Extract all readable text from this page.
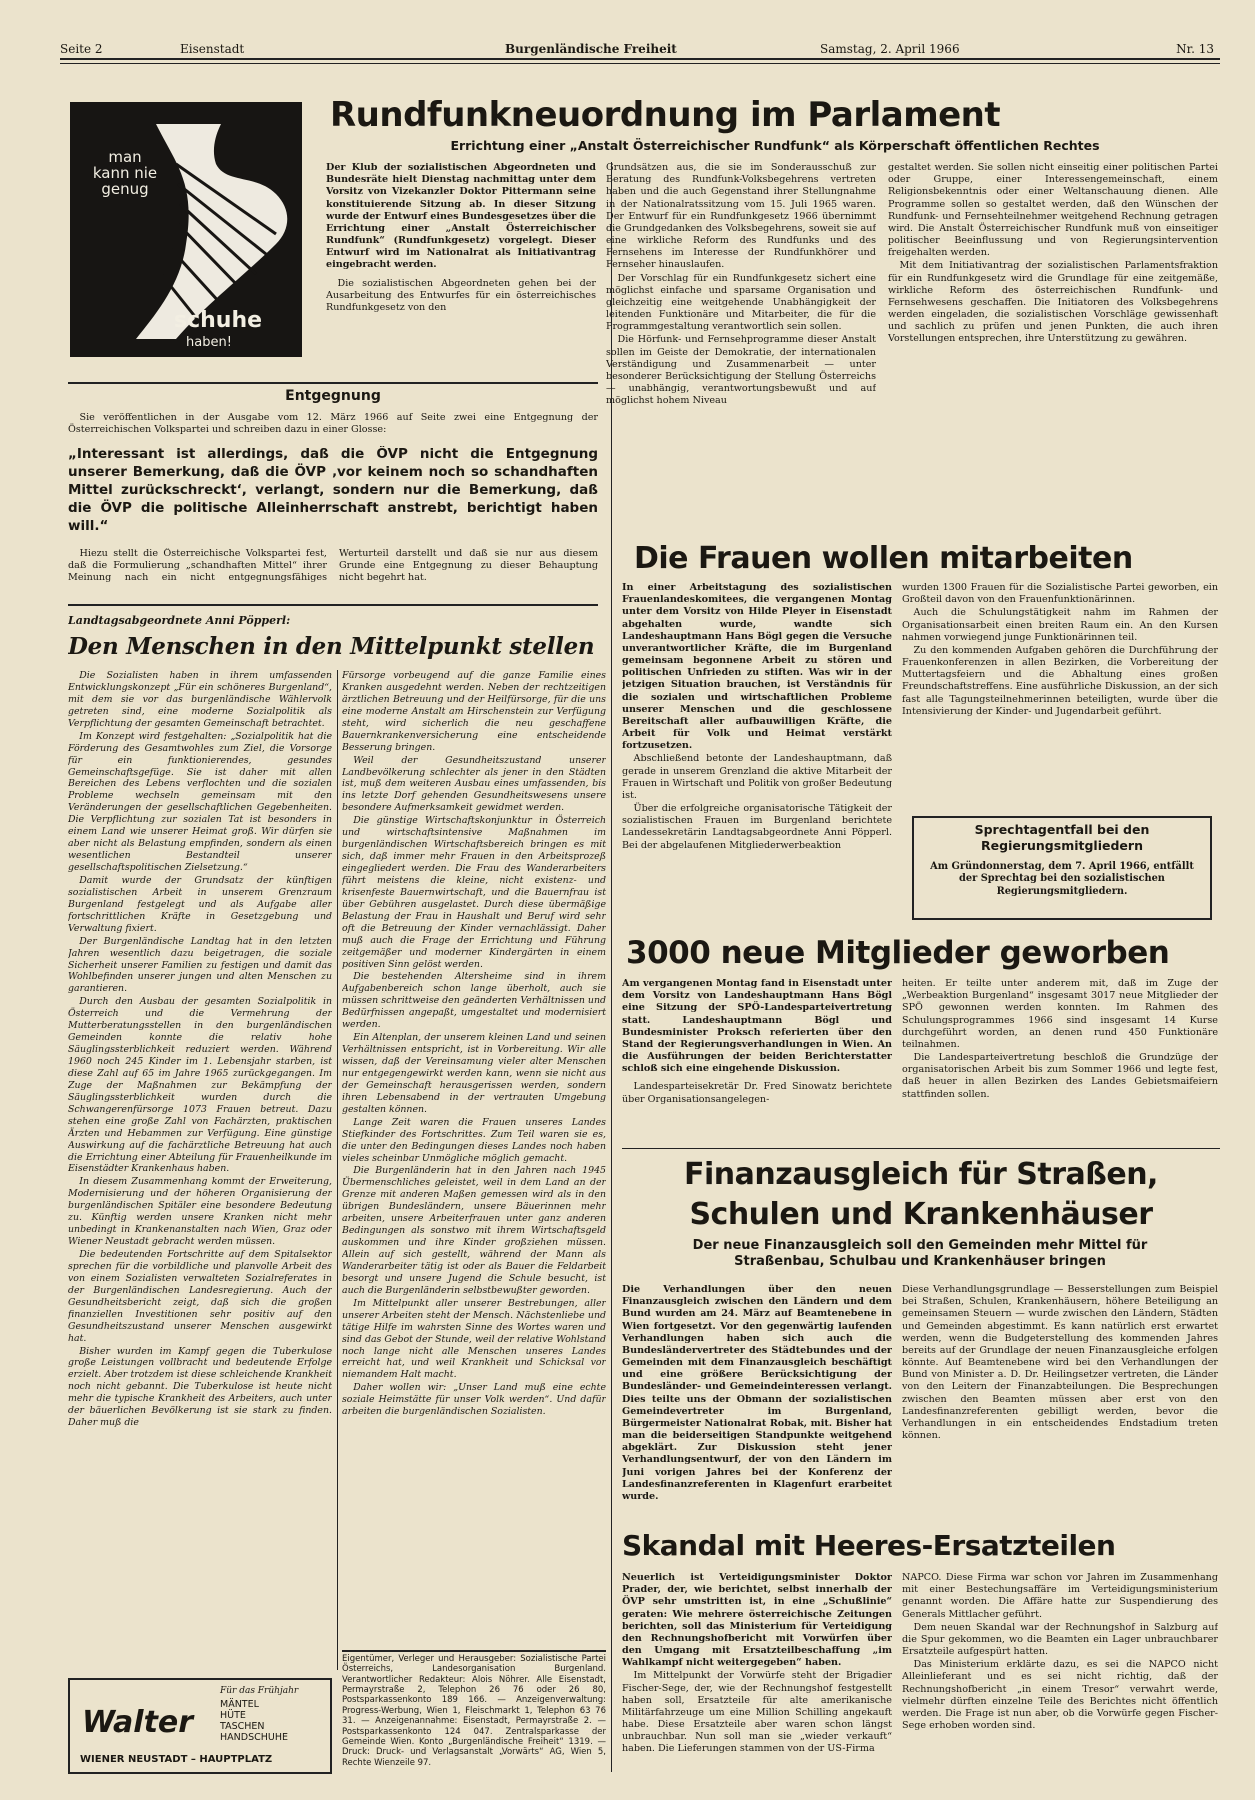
Seite 2	Eisenstadt	Burgenländische Freiheit	Samstag, 2. April 1966	Nr. 13
man kann nie genug
schuhe
haben!
Rundfunkneuordnung im Parlament
Errichtung einer „Anstalt Österreichischer Rundfunk“ als Körperschaft öffentlichen Rechtes

Der Klub der sozialistischen Abgeordneten und Bundesräte hielt Dienstag nachmittag unter dem Vorsitz von Vizekanzler Doktor Pittermann seine konstituierende Sitzung ab. In dieser Sitzung wurde der Entwurf eines Bundesgesetzes über die Errichtung einer „Anstalt Österreichischer Rundfunk“ (Rundfunkgesetz) vorgelegt. Dieser Entwurf wird im Nationalrat als Initiativantrag eingebracht werden.

Die sozialistischen Abgeordneten gehen bei der Ausarbeitung des Entwurfes für ein österreichisches Rundfunkgesetz von den

Grundsätzen aus, die sie im Sonderausschuß zur Beratung des Rundfunk-Volksbegehrens vertreten haben und die auch Gegenstand ihrer Stellungnahme in der Nationalratssitzung vom 15. Juli 1965 waren. Der Entwurf für ein Rundfunkgesetz 1966 übernimmt die Grundgedanken des Volksbegehrens, soweit sie auf eine wirkliche Reform des Rundfunks und des Fernsehens im Interesse der Rundfunkhörer und Fernseher hinauslaufen.

Der Vorschlag für ein Rundfunkgesetz sichert eine möglichst einfache und sparsame Organisation und gleichzeitig eine weitgehende Unabhängigkeit der leitenden Funktionäre und Mitarbeiter, die für die Programmgestaltung verantwortlich sein sollen.

Die Hörfunk- und Fernsehprogramme dieser Anstalt sollen im Geiste der Demokratie, der internationalen Verständigung und Zusammenarbeit — unter besonderer Berücksichtigung der Stellung Österreichs — unabhängig, verantwortungsbewußt und auf möglichst hohem Niveau

gestaltet werden. Sie sollen nicht einseitig einer politischen Partei oder Gruppe, einer Interessengemeinschaft, einem Religionsbekenntnis oder einer Weltanschauung dienen. Alle Programme sollen so gestaltet werden, daß den Wünschen der Rundfunk- und Fernsehteilnehmer weitgehend Rechnung getragen wird. Die Anstalt Österreichischer Rundfunk muß von einseitiger politischer Beeinflussung und von Regierungsintervention freigehalten werden.

Mit dem Initiativantrag der sozialistischen Parlamentsfraktion für ein Rundfunkgesetz wird die Grundlage für eine zeitgemäße, wirkliche Reform des österreichischen Rundfunk- und Fernsehwesens geschaffen. Die Initiatoren des Volksbegehrens werden eingeladen, die sozialistischen Vorschläge gewissenhaft und sachlich zu prüfen und jenen Punkten, die auch ihren Vorstellungen entsprechen, ihre Unterstützung zu gewähren.

Entgegnung

Sie veröffentlichen in der Ausgabe vom 12. März 1966 auf Seite zwei eine Entgegnung der Österreichischen Volkspartei und schreiben dazu in einer Glosse:

„Interessant ist allerdings, daß die ÖVP nicht die Entgegnung unserer Bemerkung, daß die ÖVP ‚vor keinem noch so schandhaften Mittel zurückschreckt‘, verlangt, sondern nur die Bemerkung, daß die ÖVP die politische Alleinherrschaft anstrebt, berichtigt haben will.“

Hiezu stellt die Österreichische Volkspartei fest, daß die Formulierung „schandhaften Mittel“ ihrer Meinung nach ein nicht entgegnungsfähiges Werturteil darstellt und daß sie nur aus diesem Grunde eine Entgegnung zu dieser Behauptung nicht begehrt hat.

Landtagsabgeordnete Anni Pöpperl:
Den Menschen in den Mittelpunkt stellen

Die Sozialisten haben in ihrem umfassenden Entwicklungskonzept „Für ein schöneres Burgenland“, mit dem sie vor das burgenländische Wählervolk getreten sind, eine moderne Sozialpolitik als Verpflichtung der gesamten Gemeinschaft betrachtet.

Im Konzept wird festgehalten: „Sozialpolitik hat die Förderung des Gesamtwohles zum Ziel, die Vorsorge für ein funktionierendes, gesundes Gemeinschaftsgefüge. Sie ist daher mit allen Bereichen des Lebens verflochten und die sozialen Probleme wechseln gemeinsam mit den Veränderungen der gesellschaftlichen Gegebenheiten. Die Verpflichtung zur sozialen Tat ist besonders in einem Land wie unserer Heimat groß. Wir dürfen sie aber nicht als Belastung empfinden, sondern als einen wesentlichen Bestandteil unserer gesellschaftspolitischen Zielsetzung.“

Damit wurde der Grundsatz der künftigen sozialistischen Arbeit in unserem Grenzraum Burgenland festgelegt und als Aufgabe aller fortschrittlichen Kräfte in Gesetzgebung und Verwaltung fixiert.

Der Burgenländische Landtag hat in den letzten Jahren wesentlich dazu beigetragen, die soziale Sicherheit unserer Familien zu festigen und damit das Wohlbefinden unserer jungen und alten Menschen zu garantieren.

Durch den Ausbau der gesamten Sozialpolitik in Österreich und die Vermehrung der Mutterberatungsstellen in den burgenländischen Gemeinden konnte die relativ hohe Säuglingssterblichkeit reduziert werden. Während 1960 noch 245 Kinder im 1. Lebensjahr starben, ist diese Zahl auf 65 im Jahre 1965 zurückgegangen. Im Zuge der Maßnahmen zur Bekämpfung der Säuglingssterblichkeit wurden durch die Schwangerenfürsorge 1073 Frauen betreut. Dazu stehen eine große Zahl von Fachärzten, praktischen Ärzten und Hebammen zur Verfügung. Eine günstige Auswirkung auf die fachärztliche Betreuung hat auch die Errichtung einer Abteilung für Frauenheilkunde im Eisenstädter Krankenhaus haben.

In diesem Zusammenhang kommt der Erweiterung, Modernisierung und der höheren Organisierung der burgenländischen Spitäler eine besondere Bedeutung zu. Künftig werden unsere Kranken nicht mehr unbedingt in Krankenanstalten nach Wien, Graz oder Wiener Neustadt gebracht werden müssen.

Die bedeutenden Fortschritte auf dem Spitalsektor sprechen für die vorbildliche und planvolle Arbeit des von einem Sozialisten verwalteten Sozialreferates in der Burgenländischen Landesregierung. Auch der Gesundheitsbericht zeigt, daß sich die großen finanziellen Investitionen sehr positiv auf den Gesundheitszustand unserer Menschen ausgewirkt hat.

Bisher wurden im Kampf gegen die Tuberkulose große Leistungen vollbracht und bedeutende Erfolge erzielt. Aber trotzdem ist diese schleichende Krankheit noch nicht gebannt. Die Tuberkulose ist heute nicht mehr die typische Krankheit des Arbeiters, auch unter der bäuerlichen Bevölkerung ist sie stark zu finden. Daher muß die

Fürsorge vorbeugend auf die ganze Familie eines Kranken ausgedehnt werden. Neben der rechtzeitigen ärztlichen Betreuung und der Heilfürsorge, für die uns eine moderne Anstalt am Hirschenstein zur Verfügung steht, wird sicherlich die neu geschaffene Bauernkrankenversicherung eine entscheidende Besserung bringen.

Weil der Gesundheitszustand unserer Landbevölkerung schlechter als jener in den Städten ist, muß dem weiteren Ausbau eines umfassenden, bis ins letzte Dorf gehenden Gesundheitswesens unsere besondere Aufmerksamkeit gewidmet werden.

Die günstige Wirtschaftskonjunktur in Österreich und wirtschaftsintensive Maßnahmen im burgenländischen Wirtschaftsbereich bringen es mit sich, daß immer mehr Frauen in den Arbeitsprozeß eingegliedert werden. Die Frau des Wanderarbeiters führt meistens die kleine, nicht existenz- und krisenfeste Bauernwirtschaft, und die Bauernfrau ist über Gebühren ausgelastet. Durch diese übermäßige Belastung der Frau in Haushalt und Beruf wird sehr oft die Betreuung der Kinder vernachlässigt. Daher muß auch die Frage der Errichtung und Führung zeitgemäßer und moderner Kindergärten in einem positiven Sinn gelöst werden.

Die bestehenden Altersheime sind in ihrem Aufgabenbereich schon lange überholt, auch sie müssen schrittweise den geänderten Verhältnissen und Bedürfnissen angepaßt, umgestaltet und modernisiert werden.

Ein Altenplan, der unserem kleinen Land und seinen Verhältnissen entspricht, ist in Vorbereitung. Wir alle wissen, daß der Vereinsamung vieler alter Menschen nur entgegengewirkt werden kann, wenn sie nicht aus der Gemeinschaft herausgerissen werden, sondern ihren Lebensabend in der vertrauten Umgebung gestalten können.

Lange Zeit waren die Frauen unseres Landes Stiefkinder des Fortschrittes. Zum Teil waren sie es, die unter den Bedingungen dieses Landes noch haben vieles scheinbar Unmögliche möglich gemacht.

Die Burgenländerin hat in den Jahren nach 1945 Übermenschliches geleistet, weil in dem Land an der Grenze mit anderen Maßen gemessen wird als in den übrigen Bundesländern, unsere Bäuerinnen mehr arbeiten, unsere Arbeiterfrauen unter ganz anderen Bedingungen als sonstwo mit ihrem Wirtschaftsgeld auskommen und ihre Kinder großziehen müssen. Allein auf sich gestellt, während der Mann als Wanderarbeiter tätig ist oder als Bauer die Feldarbeit besorgt und unsere Jugend die Schule besucht, ist auch die Burgenländerin selbstbewußter geworden.

Im Mittelpunkt aller unserer Bestrebungen, aller unserer Arbeiten steht der Mensch. Nächstenliebe und tätige Hilfe im wahrsten Sinne des Wortes waren und sind das Gebot der Stunde, weil der relative Wohlstand noch lange nicht alle Menschen unseres Landes erreicht hat, und weil Krankheit und Schicksal vor niemandem Halt macht.

Daher wollen wir: „Unser Land muß eine echte soziale Heimstätte für unser Volk werden“. Und dafür arbeiten die burgenländischen Sozialisten.

Die Frauen wollen mitarbeiten

In einer Arbeitstagung des sozialistischen Frauenlandeskomitees, die vergangenen Montag unter dem Vorsitz von Hilde Pleyer in Eisenstadt abgehalten wurde, wandte sich Landeshauptmann Hans Bögl gegen die Versuche unverantwortlicher Kräfte, die im Burgenland gemeinsam begonnene Arbeit zu stören und politischen Unfrieden zu stiften. Was wir in der jetzigen Situation brauchen, ist Verständnis für die sozialen und wirtschaftlichen Probleme unserer Menschen und die geschlossene Bereitschaft aller aufbauwilligen Kräfte, die Arbeit für Volk und Heimat verstärkt fortzusetzen.

Abschließend betonte der Landeshauptmann, daß gerade in unserem Grenzland die aktive Mitarbeit der Frauen in Wirtschaft und Politik von großer Bedeutung ist.

Über die erfolgreiche organisatorische Tätigkeit der sozialistischen Frauen im Burgenland berichtete Landessekretärin Landtagsabgeordnete Anni Pöpperl. Bei der abgelaufenen Mitgliederwerbeaktion

wurden 1300 Frauen für die Sozialistische Partei geworben, ein Großteil davon von den Frauenfunktionärinnen.

Auch die Schulungstätigkeit nahm im Rahmen der Organisationsarbeit einen breiten Raum ein. An den Kursen nahmen vorwiegend junge Funktionärinnen teil.

Zu den kommenden Aufgaben gehören die Durchführung der Frauenkonferenzen in allen Bezirken, die Vorbereitung der Muttertagsfeiern und die Abhaltung eines großen Freundschaftstreffens. Eine ausführliche Diskussion, an der sich fast alle Tagungsteilnehmerinnen beteiligten, wurde über die Intensivierung der Kinder- und Jugendarbeit geführt.

Sprechtagentfall bei den Regierungsmitgliedern
Am Gründonnerstag, dem 7. April 1966, entfällt der Sprechtag bei den sozialistischen Regierungsmitgliedern.
3000 neue Mitglieder geworben

Am vergangenen Montag fand in Eisenstadt unter dem Vorsitz von Landeshauptmann Hans Bögl eine Sitzung der SPÖ-Landesparteivertretung statt. Landeshauptmann Bögl und Bundesminister Proksch referierten über den Stand der Regierungsverhandlungen in Wien. An die Ausführungen der beiden Berichterstatter schloß sich eine eingehende Diskussion.

Landesparteisekretär Dr. Fred Sinowatz berichtete über Organisationsangelegen-

heiten. Er teilte unter anderem mit, daß im Zuge der „Werbeaktion Burgenland“ insgesamt 3017 neue Mitglieder der SPÖ gewonnen werden konnten. Im Rahmen des Schulungsprogrammes 1966 sind insgesamt 14 Kurse durchgeführt worden, an denen rund 450 Funktionäre teilnahmen.

Die Landesparteivertretung beschloß die Grundzüge der organisatorischen Arbeit bis zum Sommer 1966 und legte fest, daß heuer in allen Bezirken des Landes Gebietsmaifeiern stattfinden sollen.

Finanzausgleich für Straßen,
Schulen und Krankenhäuser
Der neue Finanzausgleich soll den Gemeinden mehr Mittel für Straßenbau, Schulbau und Krankenhäuser bringen

Die Verhandlungen über den neuen Finanzausgleich zwischen den Ländern und dem Bund wurden am 24. März auf Beamtenebene in Wien fortgesetzt. Vor den gegenwärtig laufenden Verhandlungen haben sich auch die Bundesländervertreter des Städtebundes und der Gemeinden mit dem Finanzausgleich beschäftigt und eine größere Berücksichtigung der Bundesländer- und Gemeindeinteressen verlangt. Dies teilte uns der Obmann der sozialistischen Gemeindevertreter im Burgenland, Bürgermeister Nationalrat Robak, mit. Bisher hat man die beiderseitigen Standpunkte weitgehend abgeklärt. Zur Diskussion steht jener Verhandlungsentwurf, der von den Ländern im Juni vorigen Jahres bei der Konferenz der Landesfinanzreferenten in Klagenfurt erarbeitet wurde.

Diese Verhandlungsgrundlage — Besserstellungen zum Beispiel bei Straßen, Schulen, Krankenhäusern, höhere Beteiligung an gemeinsamen Steuern — wurde zwischen den Ländern, Städten und Gemeinden abgestimmt. Es kann natürlich erst erwartet werden, wenn die Budgeterstellung des kommenden Jahres bereits auf der Grundlage der neuen Finanzausgleiche erfolgen könnte. Auf Beamtenebene wird bei den Verhandlungen der Bund von Minister a. D. Dr. Heilingsetzer vertreten, die Länder von den Leitern der Finanzabteilungen. Die Besprechungen zwischen den Beamten müssen aber erst von den Landesfinanzreferenten gebilligt werden, bevor die Verhandlungen in ein entscheidendes Endstadium treten können.

Skandal mit Heeres-Ersatzteilen

Neuerlich ist Verteidigungsminister Doktor Prader, der, wie berichtet, selbst innerhalb der ÖVP sehr umstritten ist, in eine „Schußlinie“ geraten: Wie mehrere österreichische Zeitungen berichten, soll das Ministerium für Verteidigung den Rechnungshofbericht mit Vorwürfen über den Umgang mit Ersatzteilbeschaffung „im Wahlkampf nicht weitergegeben“ haben.

Im Mittelpunkt der Vorwürfe steht der Brigadier Fischer-Sege, der, wie der Rechnungshof festgestellt haben soll, Ersatzteile für alte amerikanische Militärfahrzeuge um eine Million Schilling angekauft habe. Diese Ersatzteile aber waren schon längst unbrauchbar. Nun soll man sie „wieder verkauft“ haben. Die Lieferungen stammen von der US-Firma

NAPCO. Diese Firma war schon vor Jahren im Zusammenhang mit einer Bestechungsaffäre im Verteidigungsministerium genannt worden. Die Affäre hatte zur Suspendierung des Generals Mittlacher geführt.

Dem neuen Skandal war der Rechnungshof in Salzburg auf die Spur gekommen, wo die Beamten ein Lager unbrauchbarer Ersatzteile aufgespürt hatten.

Das Ministerium erklärte dazu, es sei die NAPCO nicht Alleinlieferant und es sei nicht richtig, daß der Rechnungshofbericht „in einem Tresor“ verwahrt werde, vielmehr dürften einzelne Teile des Berichtes nicht öffentlich werden. Die Frage ist nun aber, ob die Vorwürfe gegen Fischer-Sege erhoben worden sind.

Eigentümer, Verleger und Herausgeber: Sozialistische Partei Österreichs, Landesorganisation Burgenland. Verantwortlicher Redakteur: Alois Nöhrer. Alle Eisenstadt, Permayrstraße 2, Telephon 26 76 oder 26 80, Postsparkassenkonto 189 166. — Anzeigenverwaltung: Progress-Werbung, Wien 1, Fleischmarkt 1, Telephon 63 76 31. — Anzeigenannahme: Eisenstadt, Permayrstraße 2. — Postsparkassenkonto 124 047. Zentralsparkasse der Gemeinde Wien. Konto „Burgenländische Freiheit“ 1319. — Druck: Druck- und Verlagsanstalt „Vorwärts“ AG, Wien 5, Rechte Wienzeile 97.

Für das Frühjahr
Walter
MÄNTEL
HÜTE
TASCHEN
HANDSCHUHE
WIENER NEUSTADT – HAUPTPLATZ
